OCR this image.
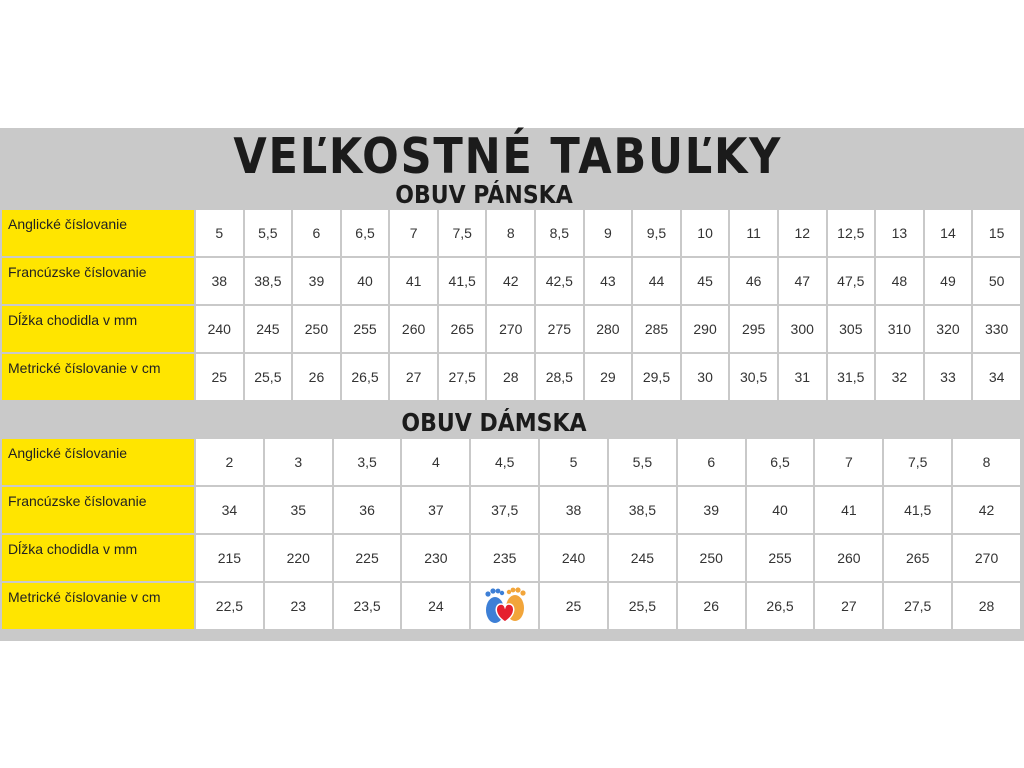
VEĽKOSTNÉ TABUĽKY
OBUV PÁNSKA
Anglické číslovanie	5	5,5	6	6,5	7	7,5	8	8,5	9	9,5	10	11	12	12,5	13	14	15
Francúzske číslovanie	38	38,5	39	40	41	41,5	42	42,5	43	44	45	46	47	47,5	48	49	50
Dĺžka chodidla v mm	240	245	250	255	260	265	270	275	280	285	290	295	300	305	310	320	330
Metrické číslovanie v cm	25	25,5	26	26,5	27	27,5	28	28,5	29	29,5	30	30,5	31	31,5	32	33	34
OBUV DÁMSKA
Anglické číslovanie	2	3	3,5	4	4,5	5	5,5	6	6,5	7	7,5	8
Francúzske číslovanie	34	35	36	37	37,5	38	38,5	39	40	41	41,5	42
Dĺžka chodidla v mm	215	220	225	230	235	240	245	250	255	260	265	270
Metrické číslovanie v cm	22,5	23	23,5	24		25	25,5	26	26,5	27	27,5	28
